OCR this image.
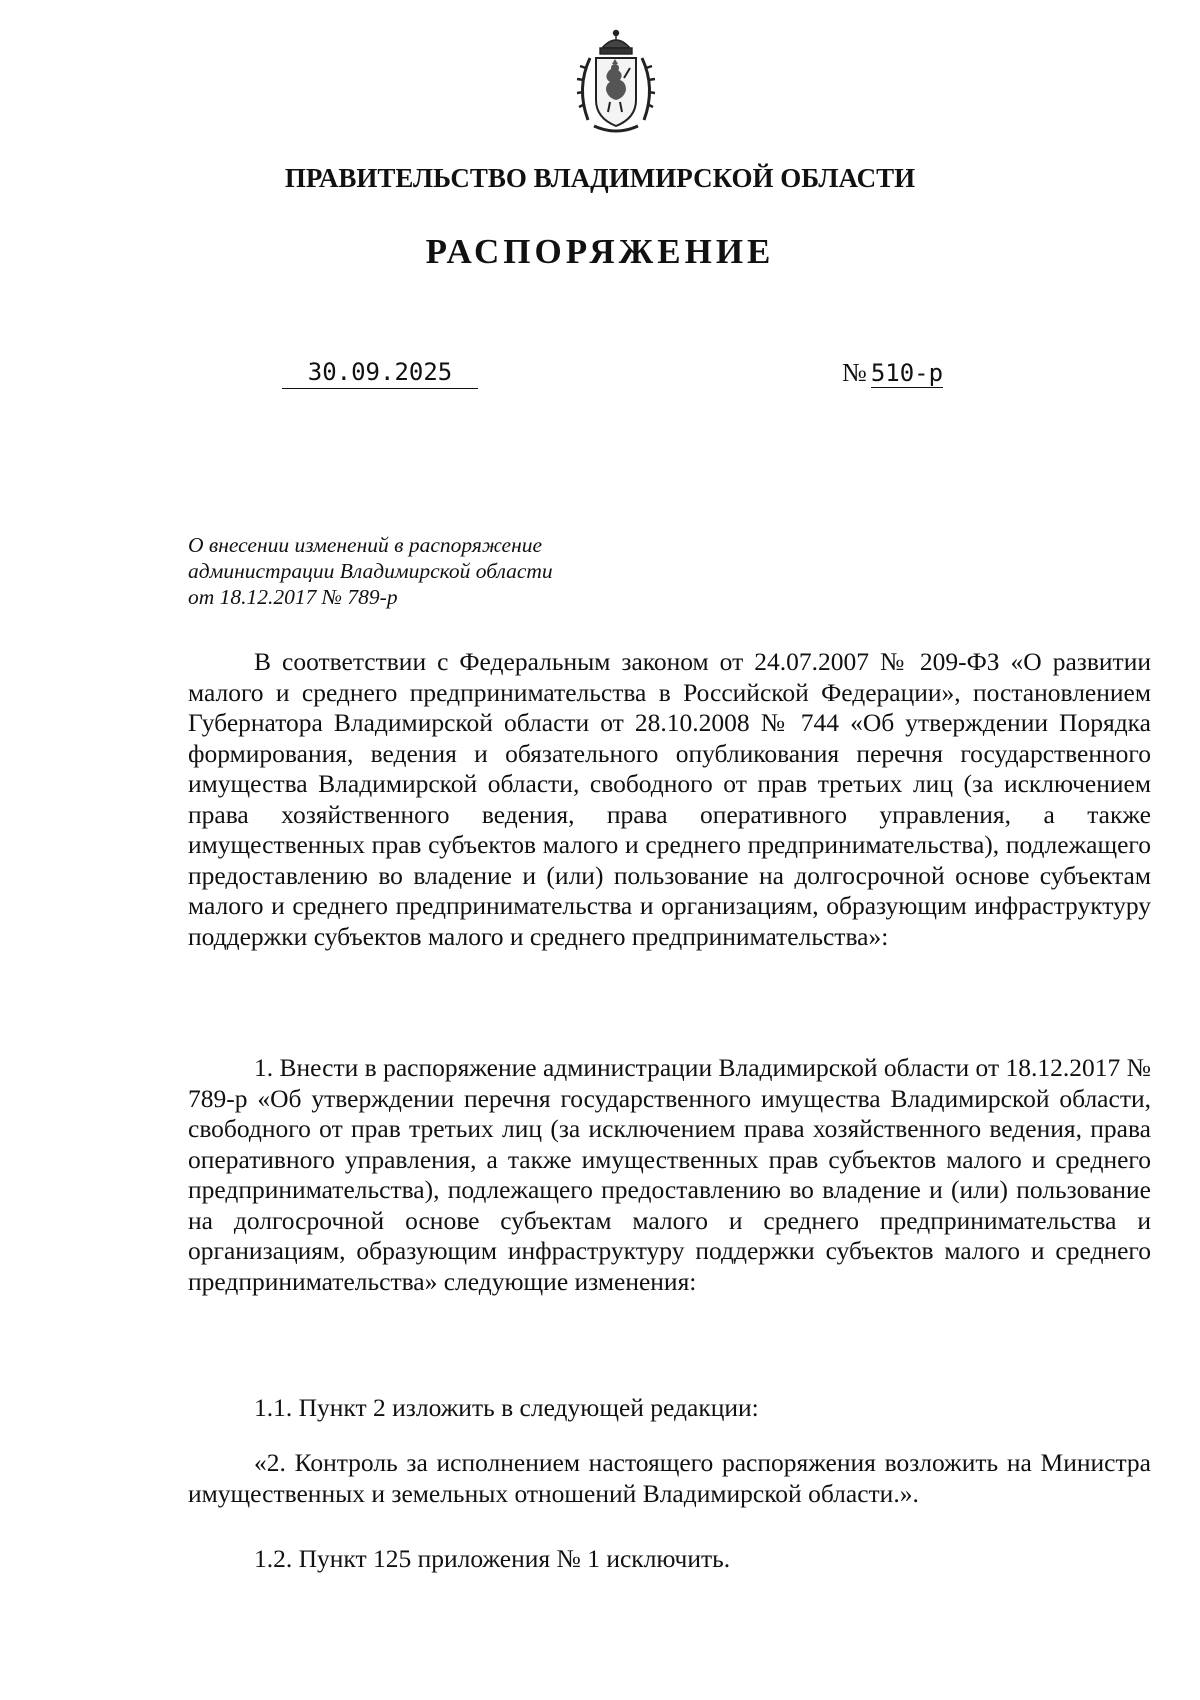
ПРАВИТЕЛЬСТВО ВЛАДИМИРСКОЙ ОБЛАСТИ
РАСПОРЯЖЕНИЕ
30.09.2025	№ 510-р
О внесении изменений в распоряжение
администрации Владимирской области
от 18.12.2017 № 789-р
В соответствии с Федеральным законом от 24.07.2007 № 209-ФЗ «О развитии малого и среднего предпринимательства в Российской Федерации», постановлением Губернатора Владимирской области от 28.10.2008 № 744 «Об утверждении Порядка формирования, ведения и обязательного опубликования перечня государственного имущества Владимирской области, свободного от прав третьих лиц (за исключением права хозяйственного ведения, права оперативного управления, а также имущественных прав субъектов малого и среднего предпринимательства), подлежащего предоставлению во владение и (или) пользование на долгосрочной основе субъектам малого и среднего предпринимательства и организациям, образующим инфраструктуру поддержки субъектов малого и среднего предпринимательства»:
1. Внести в распоряжение администрации Владимирской области от 18.12.2017 № 789-р «Об утверждении перечня государственного имущества Владимирской области, свободного от прав третьих лиц (за исключением права хозяйственного ведения, права оперативного управления, а также имущественных прав субъектов малого и среднего предпринимательства), подлежащего предоставлению во владение и (или) пользование на долгосрочной основе субъектам малого и среднего предпринимательства и организациям, образующим инфраструктуру поддержки субъектов малого и среднего предпринимательства» следующие изменения:
1.1. Пункт 2 изложить в следующей редакции:
«2. Контроль за исполнением настоящего распоряжения возложить на Министра имущественных и земельных отношений Владимирской области.».
1.2. Пункт 125 приложения № 1 исключить.
